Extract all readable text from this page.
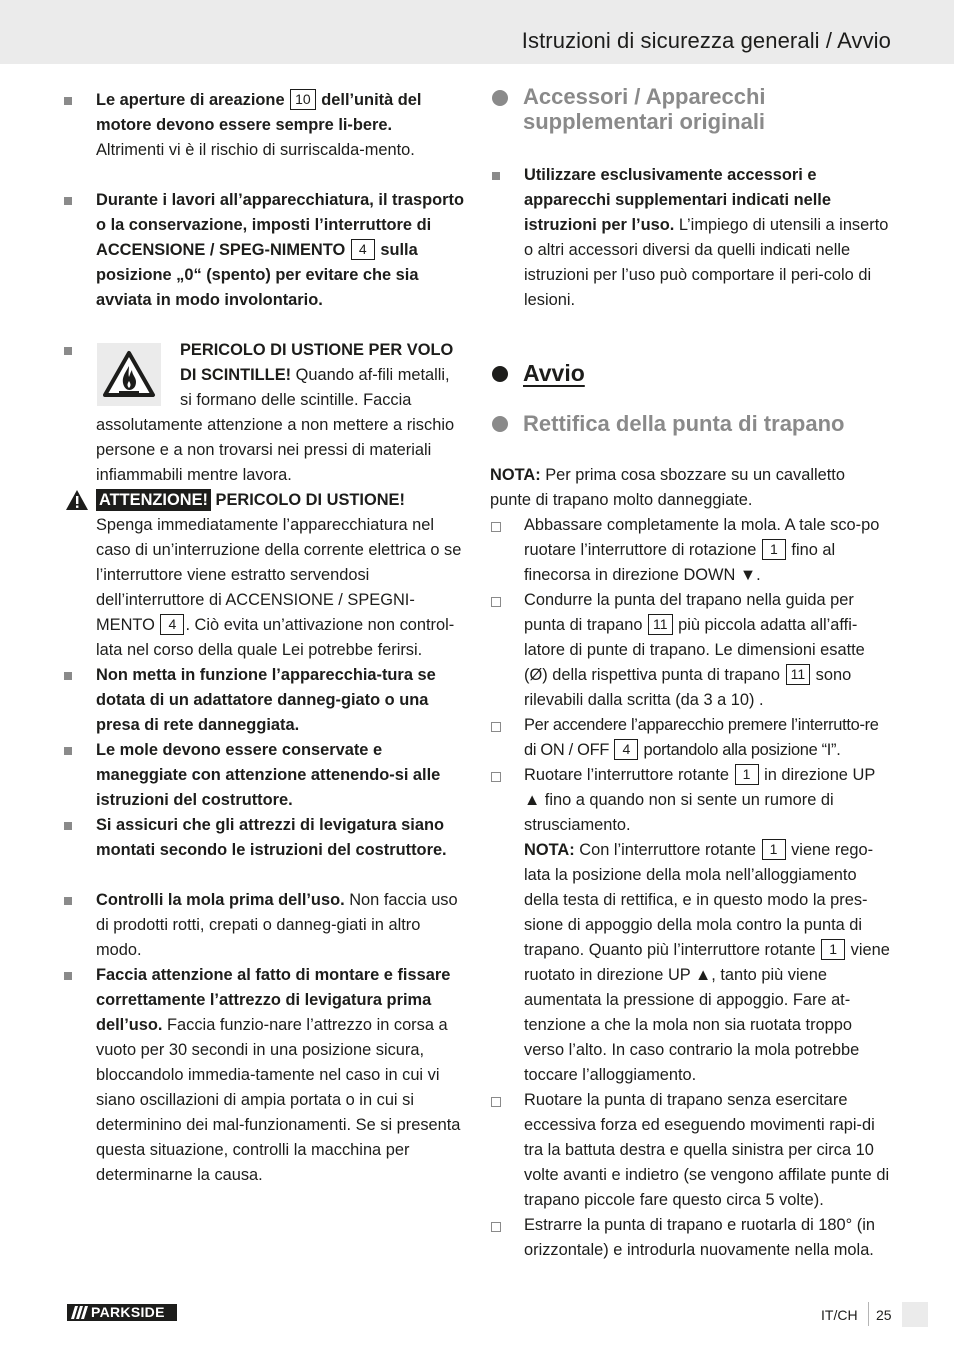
Istruzioni di sicurezza generali / Avvio
Le aperture di areazione 10 dell’unità del motore devono essere sempre li-bere. Altrimenti vi è il rischio di surriscalda-mento.
Durante i lavori all’apparecchiatura, il trasporto o la conservazione, imposti l’interruttore di ACCENSIONE / SPEG-NIMENTO 4 sulla posizione „0“ (spento) per evitare che sia avviata in modo involontario.
PERICOLO DI USTIONE PER VOLO DI SCINTILLE! Quando af-fili metalli, si formano delle scintille. Faccia assolutamente attenzione a non mettere a rischio persone e a non trovarsi nei pressi di materiali infiammabili mentre lavora.
ATTENZIONE! PERICOLO DI USTIONE! Spenga immediatamente l’apparecchiatura nel caso di un’interruzione della corrente elettrica o se l’interruttore viene estratto servendosi dell’interruttore di ACCENSIONE / SPEGNI-MENTO 4 . Ciò evita un’attivazione non control-lata nel corso della quale Lei potrebbe ferirsi.
Non metta in funzione l’apparecchia-tura se dotata di un adattatore danneg-giato o una presa di rete danneggiata.
Le mole devono essere conservate e maneggiate con attenzione attenendo-si alle istruzioni del costruttore.
Si assicuri che gli attrezzi di levigatura siano montati secondo le istruzioni del costruttore.
Controlli la mola prima dell’uso. Non faccia uso di prodotti rotti, crepati o danneg-giati in altro modo.
Faccia attenzione al fatto di montare e fissare correttamente l’attrezzo di levigatura prima dell’uso. Faccia funzio-nare l’attrezzo in corsa a vuoto per 30 secondi in una posizione sicura, bloccandolo immedia-tamente nel caso in cui vi siano oscillazioni di ampia portata o in cui si determinino dei mal-funzionamenti. Se si presenta questa situazione, controlli la macchina per determinarne la causa.
Accessori / Apparecchi supplementari originali
Utilizzare esclusivamente accessori e apparecchi supplementari indicati nelle istruzioni per l’uso. L’impiego di utensili a inserto o altri accessori diversi da quelli indicati nelle istruzioni per l’uso può comportare il peri-colo di lesioni.
Avvio
Rettifica della punta di trapano
NOTA: Per prima cosa sbozzare su un cavalletto punte di trapano molto danneggiate.
Abbassare completamente la mola. A tale sco-po ruotare l’interruttore di rotazione 1 fino al finecorsa in direzione DOWN ▼.
Condurre la punta del trapano nella guida per punta di trapano 11 più piccola adatta all’affi-latore di punte di trapano. Le dimensioni esatte (Ø) della rispettiva punta di trapano 11 sono rilevabili dalla scritta (da 3 a 10) .
Per accendere l’apparecchio premere l’interrutto-re di ON / OFF 4 portandolo alla posizione “I”.
Ruotare l’interruttore rotante 1 in direzione UP ▲ fino a quando non si sente un rumore di strusciamento.
NOTA: Con l’interruttore rotante 1 viene rego-lata la posizione della mola nell’alloggiamento della testa di rettifica, e in questo modo la pres-sione di appoggio della mola contro la punta di trapano. Quanto più l’interruttore rotante 1 viene ruotato in direzione UP ▲, tanto più viene aumentata la pressione di appoggio. Fare at-tenzione a che la mola non sia ruotata troppo verso l’alto. In caso contrario la mola potrebbe toccare l’alloggiamento.
Ruotare la punta di trapano senza esercitare eccessiva forza ed eseguendo movimenti rapi-di tra la battuta destra e quella sinistra per circa 10 volte avanti e indietro (se vengono affilate punte di trapano piccole fare questo circa 5 volte).
Estrarre la punta di trapano e ruotarla di 180° (in orizzontale) e introdurla nuovamente nella mola.
PARKSIDE	IT/CH 25
